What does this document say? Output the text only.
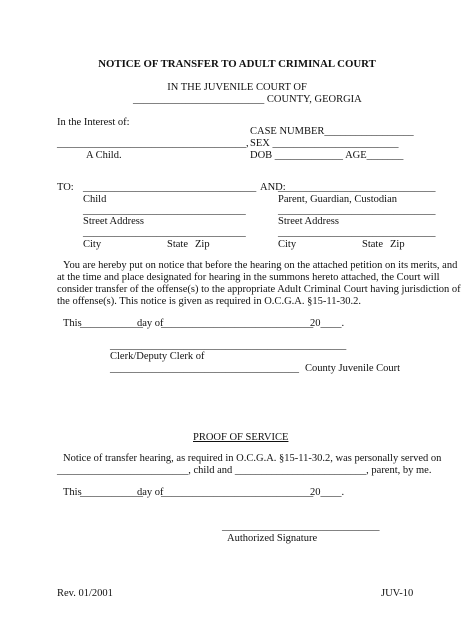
NOTICE OF TRANSFER TO ADULT CRIMINAL COURT
IN THE JUVENILE COURT OF
_________________________ COUNTY, GEORGIA
In the Interest of:
CASE NUMBER_________________
____________________________________, SEX ________________________
A Child.	DOB _____________ AGE_______
TO: _________________________________ AND:
______________________________
Child	Parent, Guardian, Custodian
_______________________________	______________________________
Street Address	Street Address
_______________________________	______________________________
City	State Zip	City	State Zip
You are hereby put on notice that before the hearing on the attached petition on its merits, and
at the time and place designated for hearing in the summons hereto attached, the Court will
consider transfer of the offense(s) to the appropriate Adult Criminal Court having jurisdiction of
the offense(s). This notice is given as required in O.C.G.A. §15-11-30.2.
This
____________
day of
_____________________________
20____.
_____________________________________________
Clerk/Deputy Clerk of
____________________________________ County Juvenile Court
PROOF OF SERVICE
Notice of transfer hearing, as required in O.C.G.A. §15-11-30.2, was personally served on
_________________________, child and _________________________, parent, by me.
This
____________
day of
_____________________________
20____.
______________________________
Authorized Signature
Rev. 01/2001	JUV-10
